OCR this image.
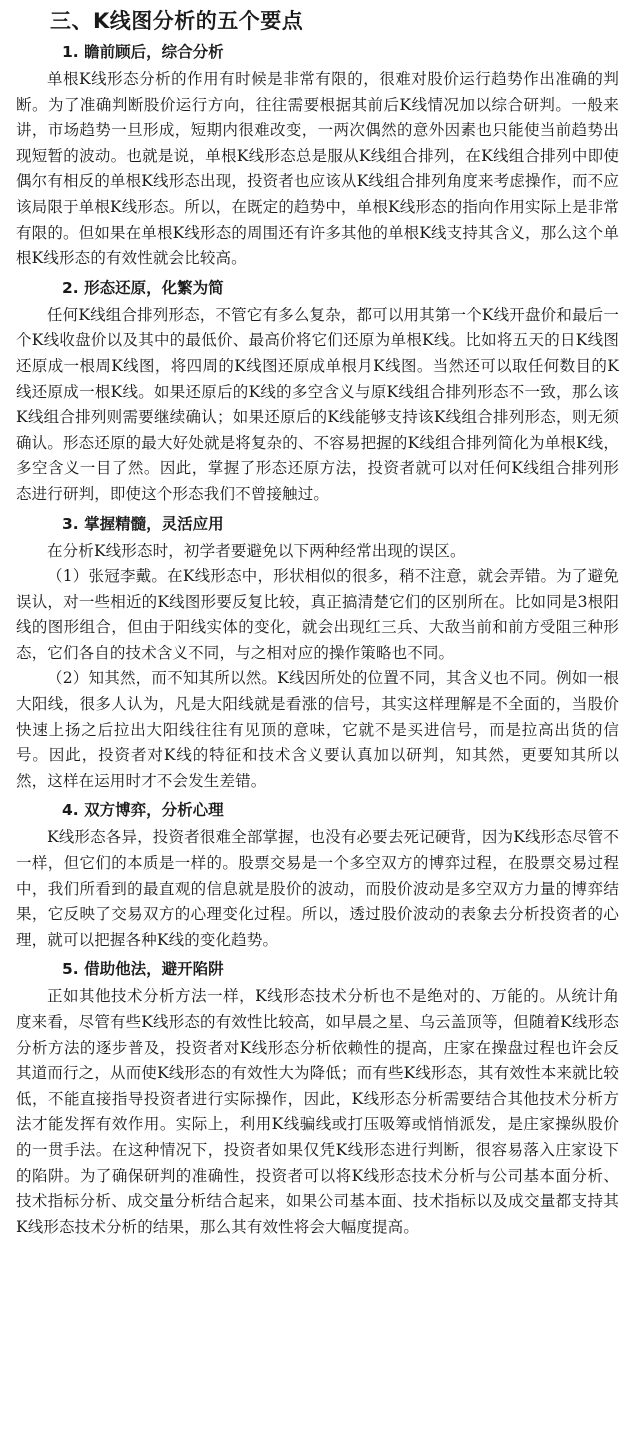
三、K线图分析的五个要点
1. 瞻前顾后，综合分析

单根K线形态分析的作用有时候是非常有限的，很难对股价运行趋势作出准确的判断。为了准确判断股价运行方向，往往需要根据其前后K线情况加以综合研判。一般来讲，市场趋势一旦形成，短期内很难改变，一两次偶然的意外因素也只能使当前趋势出现短暂的波动。也就是说，单根K线形态总是服从K线组合排列，在K线组合排列中即使偶尔有相反的单根K线形态出现，投资者也应该从K线组合排列角度来考虑操作，而不应该局限于单根K线形态。所以，在既定的趋势中，单根K线形态的指向作用实际上是非常有限的。但如果在单根K线形态的周围还有许多其他的单根K线支持其含义，那么这个单根K线形态的有效性就会比较高。

2. 形态还原，化繁为简

任何K线组合排列形态，不管它有多么复杂，都可以用其第一个K线开盘价和最后一个K线收盘价以及其中的最低价、最高价将它们还原为单根K线。比如将五天的日K线图还原成一根周K线图，将四周的K线图还原成单根月K线图。当然还可以取任何数目的K线还原成一根K线。如果还原后的K线的多空含义与原K线组合排列形态不一致，那么该K线组合排列则需要继续确认；如果还原后的K线能够支持该K线组合排列形态，则无须确认。形态还原的最大好处就是将复杂的、不容易把握的K线组合排列简化为单根K线，多空含义一目了然。因此，掌握了形态还原方法，投资者就可以对任何K线组合排列形态进行研判，即使这个形态我们不曾接触过。

3. 掌握精髓，灵活应用

在分析K线形态时，初学者要避免以下两种经常出现的误区。

（1）张冠李戴。在K线形态中，形状相似的很多，稍不注意，就会弄错。为了避免误认，对一些相近的K线图形要反复比较，真正搞清楚它们的区别所在。比如同是3根阳线的图形组合，但由于阳线实体的变化，就会出现红三兵、大敌当前和前方受阻三种形态，它们各自的技术含义不同，与之相对应的操作策略也不同。

（2）知其然，而不知其所以然。K线因所处的位置不同，其含义也不同。例如一根大阳线，很多人认为，凡是大阳线就是看涨的信号，其实这样理解是不全面的，当股价快速上扬之后拉出大阳线往往有见顶的意味，它就不是买进信号，而是拉高出货的信号。因此，投资者对K线的特征和技术含义要认真加以研判，知其然，更要知其所以然，这样在运用时才不会发生差错。

4. 双方博弈，分析心理

K线形态各异，投资者很难全部掌握，也没有必要去死记硬背，因为K线形态尽管不一样，但它们的本质是一样的。股票交易是一个多空双方的博弈过程，在股票交易过程中，我们所看到的最直观的信息就是股价的波动，而股价波动是多空双方力量的博弈结果，它反映了交易双方的心理变化过程。所以，透过股价波动的表象去分析投资者的心理，就可以把握各种K线的变化趋势。

5. 借助他法，避开陷阱

正如其他技术分析方法一样，K线形态技术分析也不是绝对的、万能的。从统计角度来看，尽管有些K线形态的有效性比较高，如早晨之星、乌云盖顶等，但随着K线形态分析方法的逐步普及，投资者对K线形态分析依赖性的提高，庄家在操盘过程也许会反其道而行之，从而使K线形态的有效性大为降低；而有些K线形态，其有效性本来就比较低，不能直接指导投资者进行实际操作，因此，K线形态分析需要结合其他技术分析方法才能发挥有效作用。实际上，利用K线骗线或打压吸筹或悄悄派发，是庄家操纵股价的一贯手法。在这种情况下，投资者如果仅凭K线形态进行判断，很容易落入庄家设下的陷阱。为了确保研判的准确性，投资者可以将K线形态技术分析与公司基本面分析、技术指标分析、成交量分析结合起来，如果公司基本面、技术指标以及成交量都支持其K线形态技术分析的结果，那么其有效性将会大幅度提高。
